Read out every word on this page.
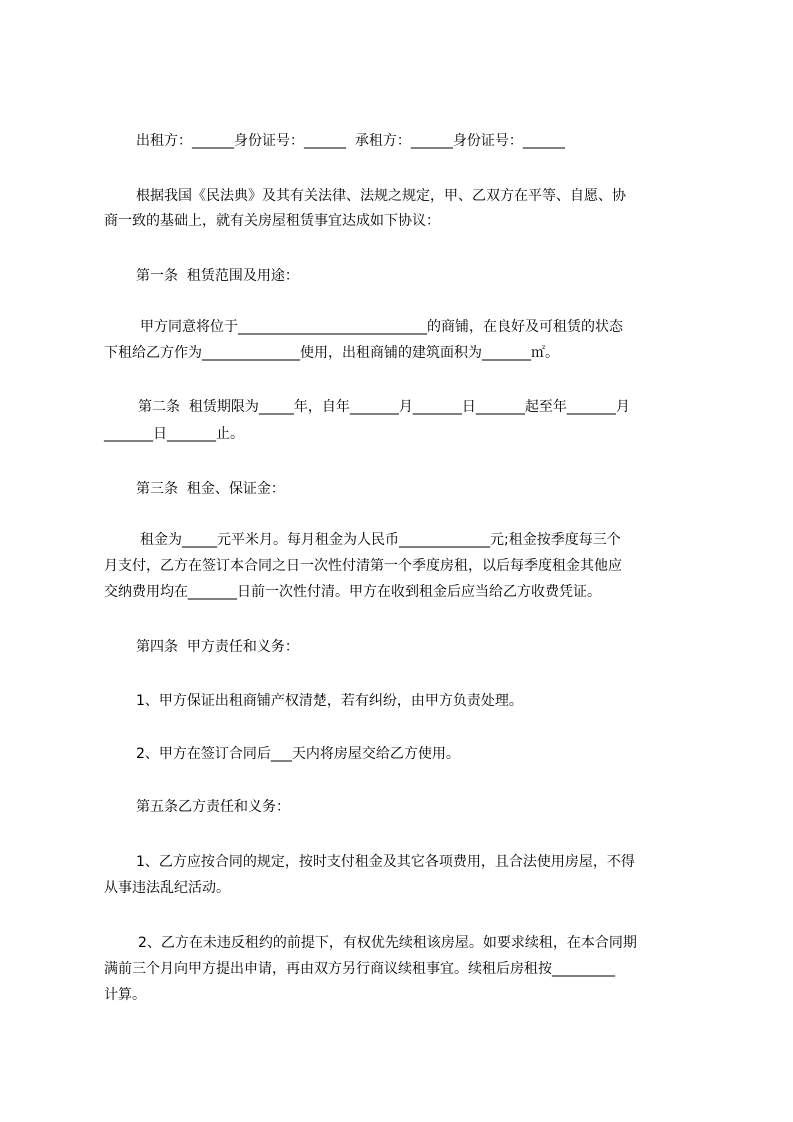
出租方：______身份证号：______  承租方：______身份证号：______

根据我国《民法典》及其有关法律、法规之规定，甲、乙双方在平等、自愿、协

商一致的基础上，就有关房屋租赁事宜达成如下协议：

第一条  租赁范围及用途：

甲方同意将位于___________________________的商铺，在良好及可租赁的状态

下租给乙方作为______________使用，出租商铺的建筑面积为_______㎡。

第二条  租赁期限为_____年，自年_______月_______日_______起至年_______月

_______日_______止。

第三条  租金、保证金：

租金为_____元平米月。每月租金为人民币_____________元;租金按季度每三个

月支付，乙方在签订本合同之日一次性付清第一个季度房租，以后每季度租金其他应

交纳费用均在_______日前一次性付清。甲方在收到租金后应当给乙方收费凭证。

第四条  甲方责任和义务：

1、甲方保证出租商铺产权清楚，若有纠纷，由甲方负责处理。

2、甲方在签订合同后___天内将房屋交给乙方使用。

第五条乙方责任和义务：

1、乙方应按合同的规定，按时支付租金及其它各项费用，且合法使用房屋，不得

从事违法乱纪活动。

2、乙方在未违反租约的前提下，有权优先续租该房屋。如要求续租，在本合同期

满前三个月向甲方提出申请，再由双方另行商议续租事宜。续租后房租按_________

计算。
